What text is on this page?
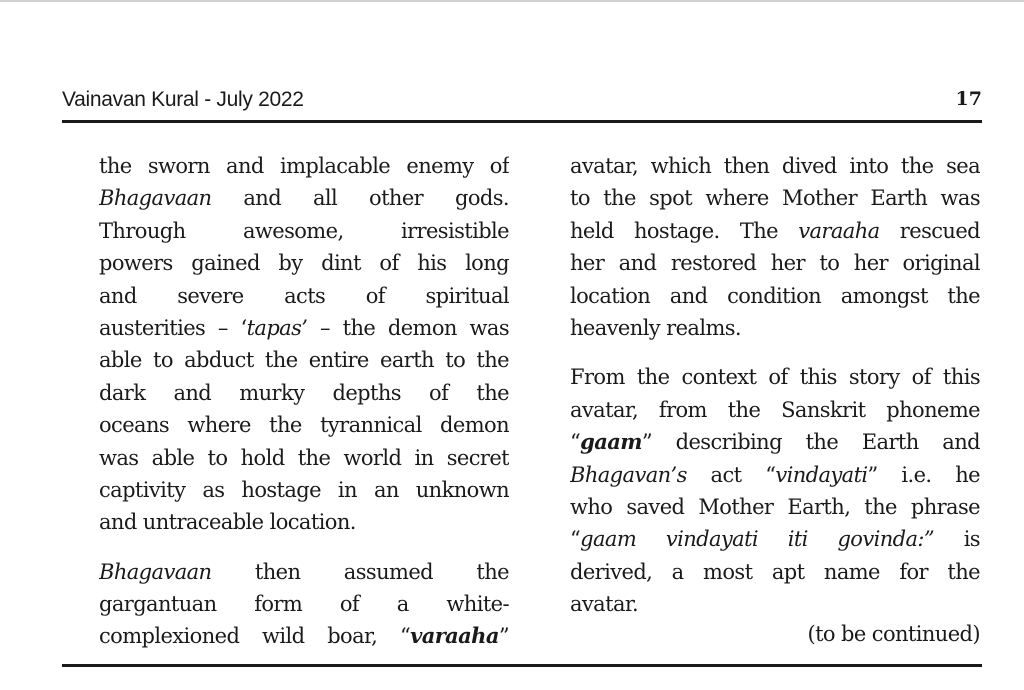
Vainavan Kural - July 2022	17
the sworn and implacable enemy of
Bhagavaan and all other gods.
Through awesome, irresistible
powers gained by dint of his long
and severe acts of spiritual
austerities – ‘tapas’ – the demon was
able to abduct the entire earth to the
dark and murky depths of the
oceans where the tyrannical demon
was able to hold the world in secret
captivity as hostage in an unknown
and untraceable location.
Bhagavaan then assumed the
gargantuan form of a white-
complexioned wild boar, “varaaha”
avatar, which then dived into the sea
to the spot where Mother Earth was
held hostage. The varaaha rescued
her and restored her to her original
location and condition amongst the
heavenly realms.
From the context of this story of this
avatar, from the Sanskrit phoneme
“gaam” describing the Earth and
Bhagavan’s act “vindayati” i.e. he
who saved Mother Earth, the phrase
“gaam vindayati iti govinda:” is
derived, a most apt name for the
avatar.
(to be continued)
